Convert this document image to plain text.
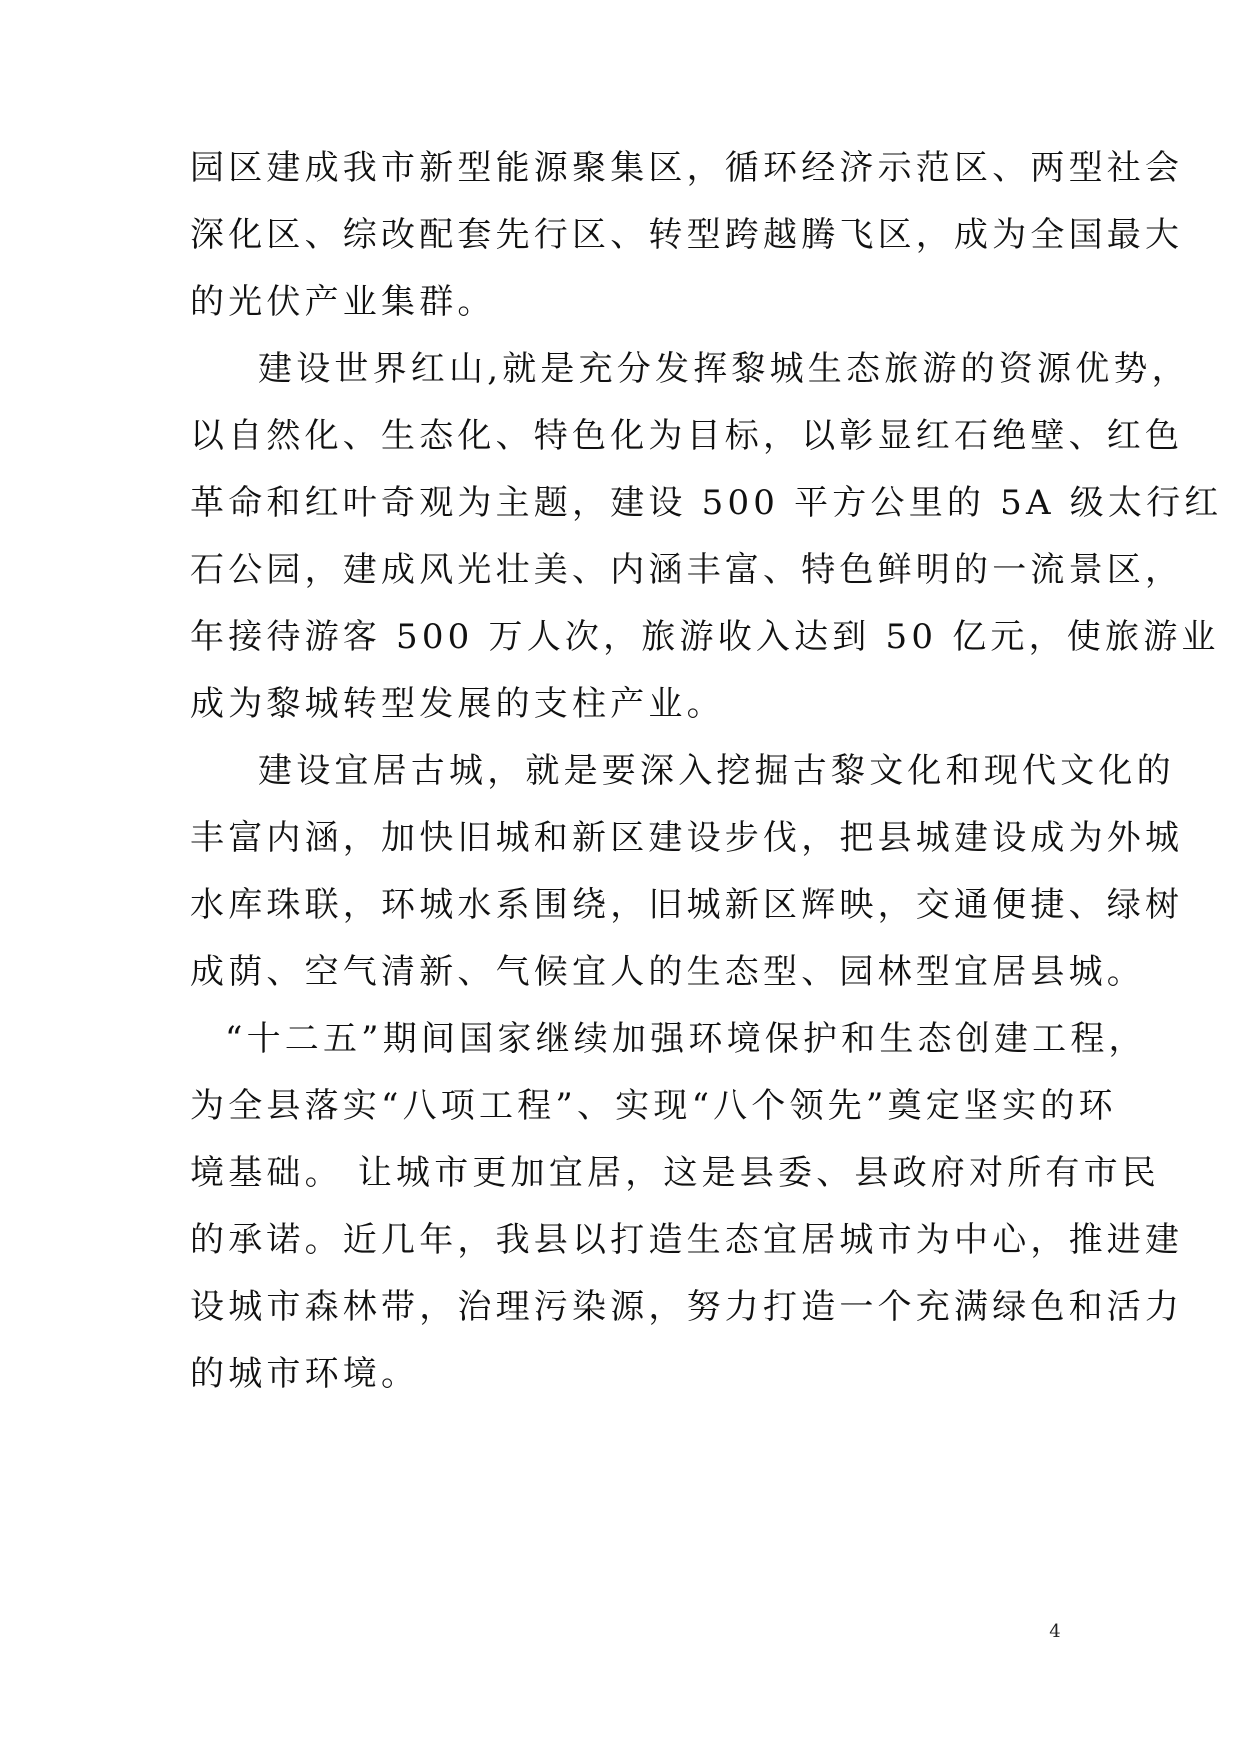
园区建成我市新型能源聚集区，循环经济示范区、两型社会
深化区、综改配套先行区、转型跨越腾飞区，成为全国最大
的光伏产业集群。
建设世界红山,就是充分发挥黎城生态旅游的资源优势，
以自然化、生态化、特色化为目标，以彰显红石绝壁、红色
革命和红叶奇观为主题，建设 500 平方公里的 5A 级太行红
石公园，建成风光壮美、内涵丰富、特色鲜明的一流景区，
年接待游客 500 万人次，旅游收入达到 50 亿元，使旅游业
成为黎城转型发展的支柱产业。
建设宜居古城，就是要深入挖掘古黎文化和现代文化的
丰富内涵，加快旧城和新区建设步伐，把县城建设成为外城
水库珠联，环城水系围绕，旧城新区辉映，交通便捷、绿树
成荫、空气清新、气候宜人的生态型、园林型宜居县城。
“十二五”期间国家继续加强环境保护和生态创建工程，
为全县落实“八项工程”、实现“八个领先”奠定坚实的环
境基础。 让城市更加宜居，这是县委、县政府对所有市民
的承诺。近几年，我县以打造生态宜居城市为中心，推进建
设城市森林带，治理污染源，努力打造一个充满绿色和活力
的城市环境。
4
